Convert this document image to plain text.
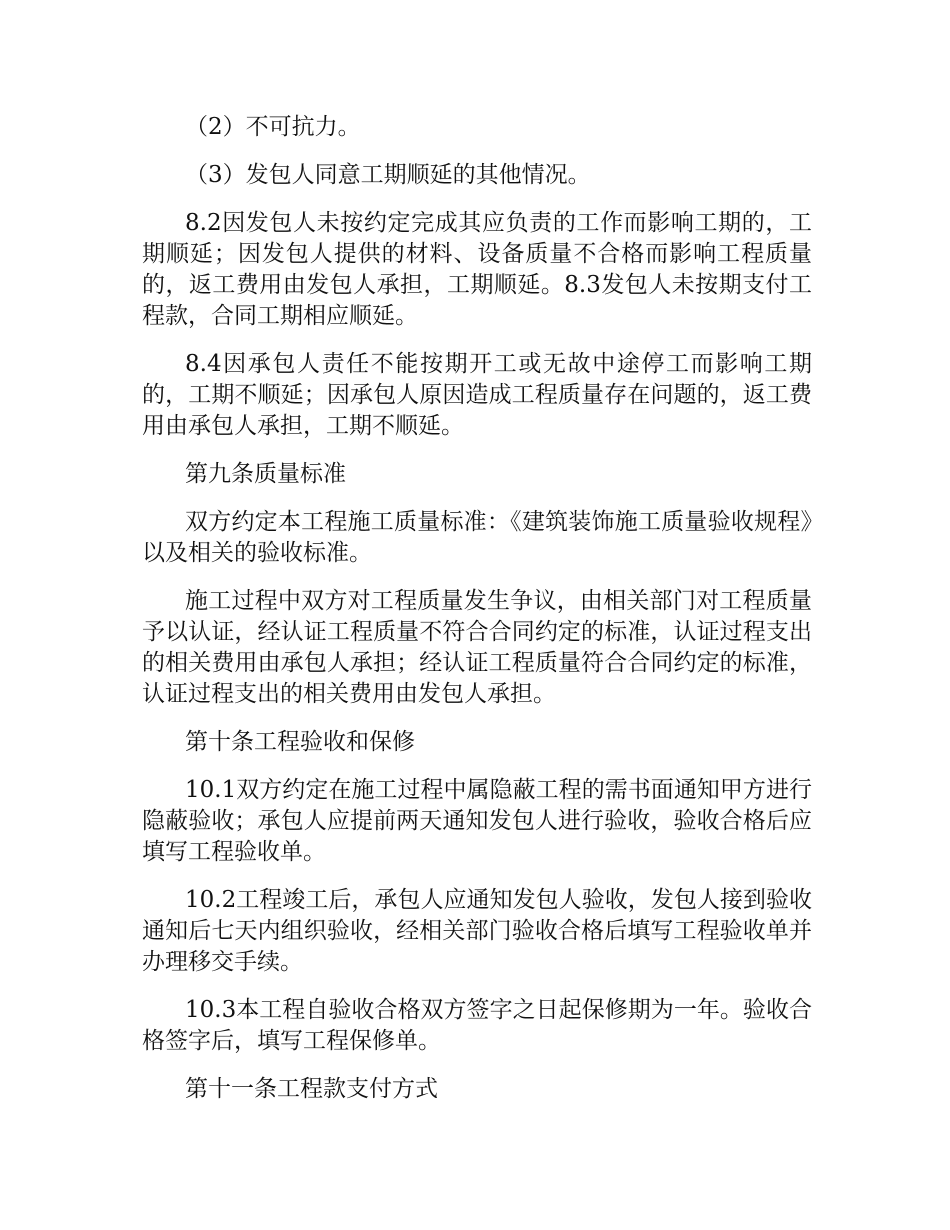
（2）不可抗力。

（3）发包人同意工期顺延的其他情况。

8.2因发包人未按约定完成其应负责的工作而影响工期的，工期顺延；因发包人提供的材料、设备质量不合格而影响工程质量的，返工费用由发包人承担，工期顺延。8.3发包人未按期支付工程款，合同工期相应顺延。

8.4因承包人责任不能按期开工或无故中途停工而影响工期的，工期不顺延；因承包人原因造成工程质量存在问题的，返工费用由承包人承担，工期不顺延。

第九条质量标准

双方约定本工程施工质量标准：《建筑装饰施工质量验收规程》以及相关的验收标准。

施工过程中双方对工程质量发生争议，由相关部门对工程质量予以认证，经认证工程质量不符合合同约定的标准，认证过程支出的相关费用由承包人承担；经认证工程质量符合合同约定的标准，认证过程支出的相关费用由发包人承担。

第十条工程验收和保修

10.1双方约定在施工过程中属隐蔽工程的需书面通知甲方进行隐蔽验收；承包人应提前两天通知发包人进行验收，验收合格后应填写工程验收单。

10.2工程竣工后，承包人应通知发包人验收，发包人接到验收通知后七天内组织验收，经相关部门验收合格后填写工程验收单并办理移交手续。

10.3本工程自验收合格双方签字之日起保修期为一年。验收合格签字后，填写工程保修单。

第十一条工程款支付方式
